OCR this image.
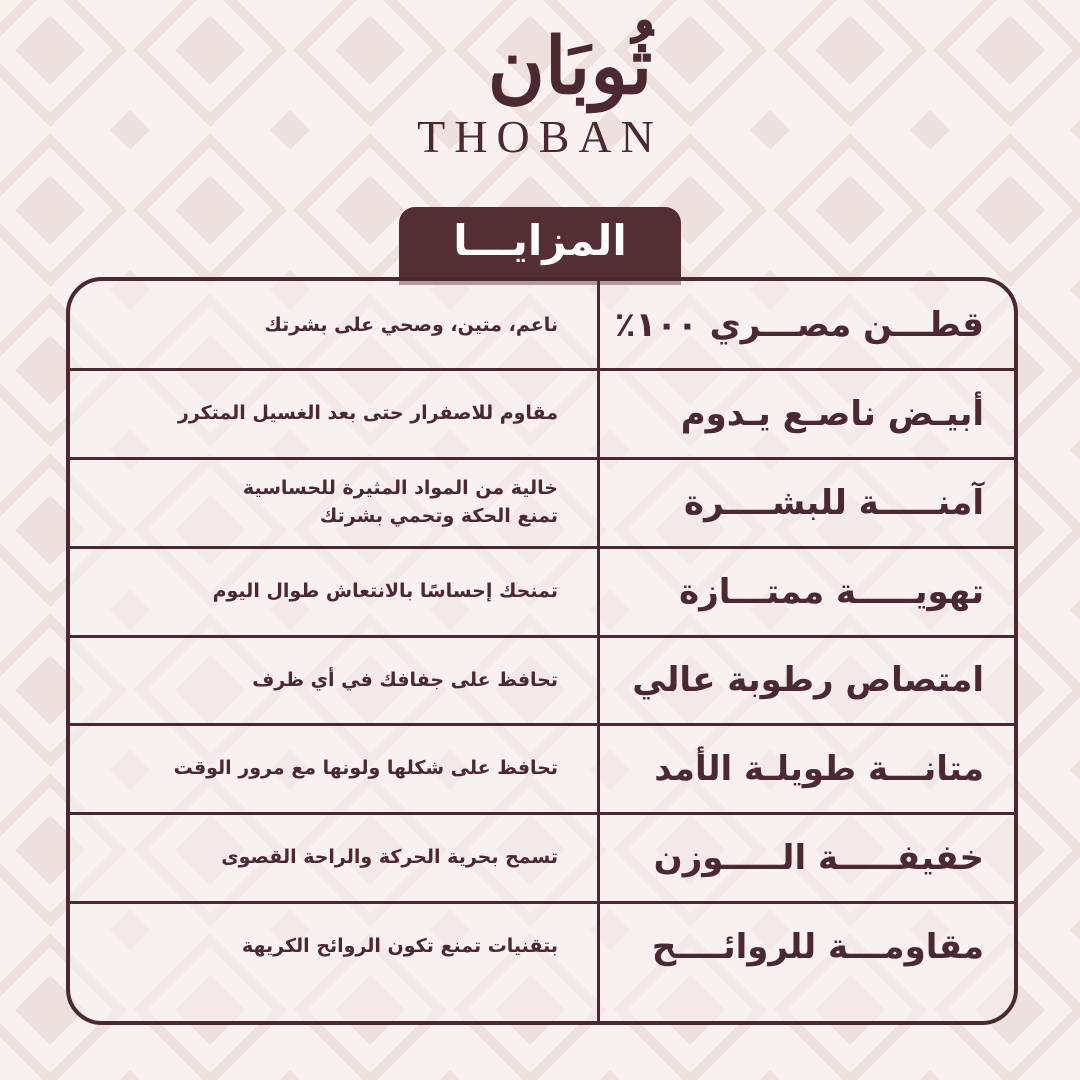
ثُوبَان
THOBAN
المزايـــا
قطـــن مصـــري ١٠٠٪
ناعم، متين، وصحي على بشرتك
أبيـض ناصـع يـدوم
مقاوم للاصفرار حتى بعد الغسيل المتكرر
آمنـــــة للبشــــرة
خالية من المواد المثيرة للحساسية
تمنع الحكة وتحمي بشرتك
تهويـــــة ممتـــازة
تمنحك إحساسًا بالانتعاش طوال اليوم
امتصاص رطوبة عالي
تحافظ على جفافك في أي ظرف
متانـــة طويلـة الأمد
تحافظ على شكلها ولونها مع مرور الوقت
خفيفـــــة الـــــوزن
تسمح بحرية الحركة والراحة القصوى
مقاومـــة للروائــــح
بتقنيات تمنع تكون الروائح الكريهة
